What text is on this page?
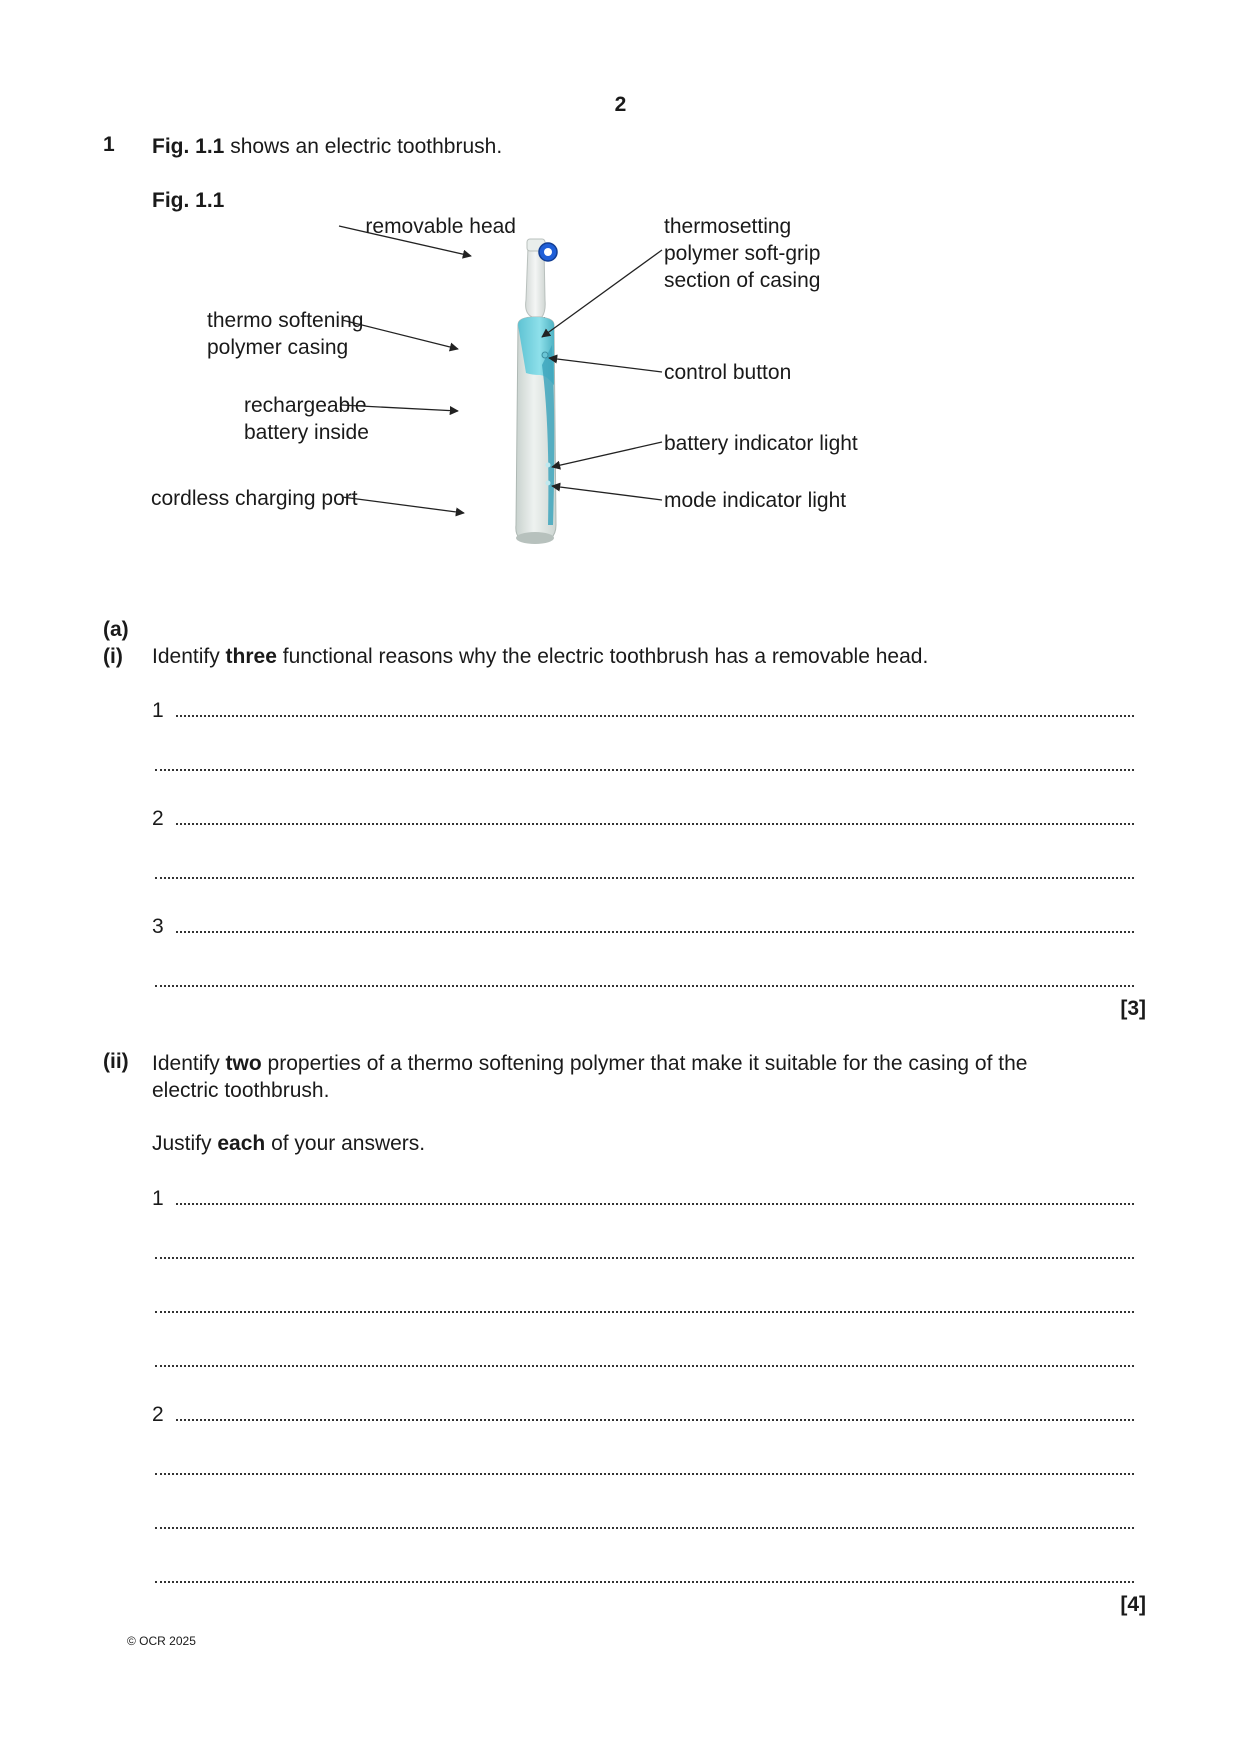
2
1 Fig. 1.1 shows an electric toothbrush.
Fig. 1.1
removable head
thermo softening
polymer casing
rechargeable
battery inside
cordless charging port
thermosetting
polymer soft-grip
section of casing
control button
battery indicator light
mode indicator light
(a)
(i) Identify three functional reasons why the electric toothbrush has a removable head.
1
2
3
[3]
(ii) Identify two properties of a thermo softening polymer that make it suitable for the casing of the
electric toothbrush.
Justify each of your answers.
1
2
[4]
© OCR 2025
